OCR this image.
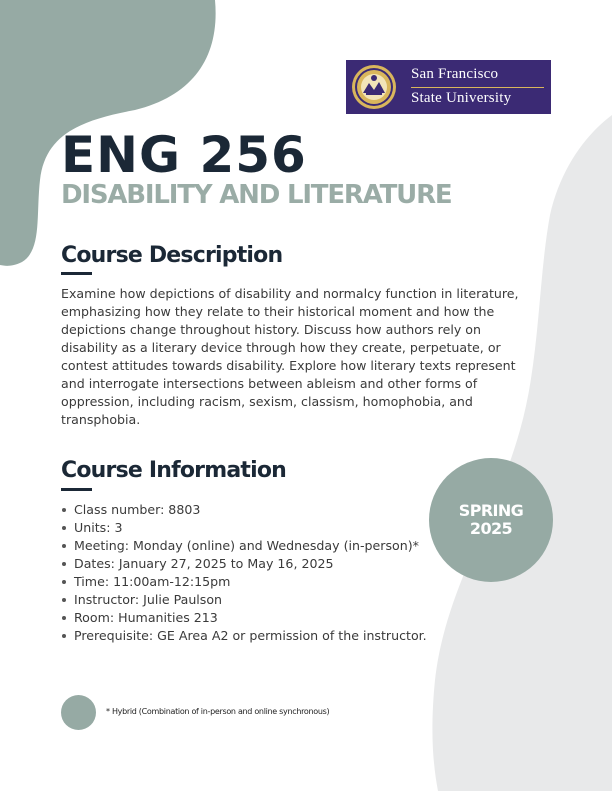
San Francisco
State University
ENG 256
DISABILITY AND LITERATURE
Course Description

Examine how depictions of disability and normalcy function in literature, emphasizing how they relate to their historical moment and how the depictions change throughout history. Discuss how authors rely on disability as a literary device through how they create, perpetuate, or contest attitudes towards disability. Explore how literary texts represent and interrogate intersections between ableism and other forms of oppression, including racism, sexism, classism, homophobia, and transphobia.

Course Information
Class number: 8803
Units: 3
Meeting: Monday (online) and Wednesday (in-person)*
Dates: January 27, 2025 to May 16, 2025
Time: 11:00am-12:15pm
Instructor: Julie Paulson
Room: Humanities 213
Prerequisite: GE Area A2 or permission of the instructor.
SPRING
2025
* Hybrid (Combination of in-person and online synchronous)
